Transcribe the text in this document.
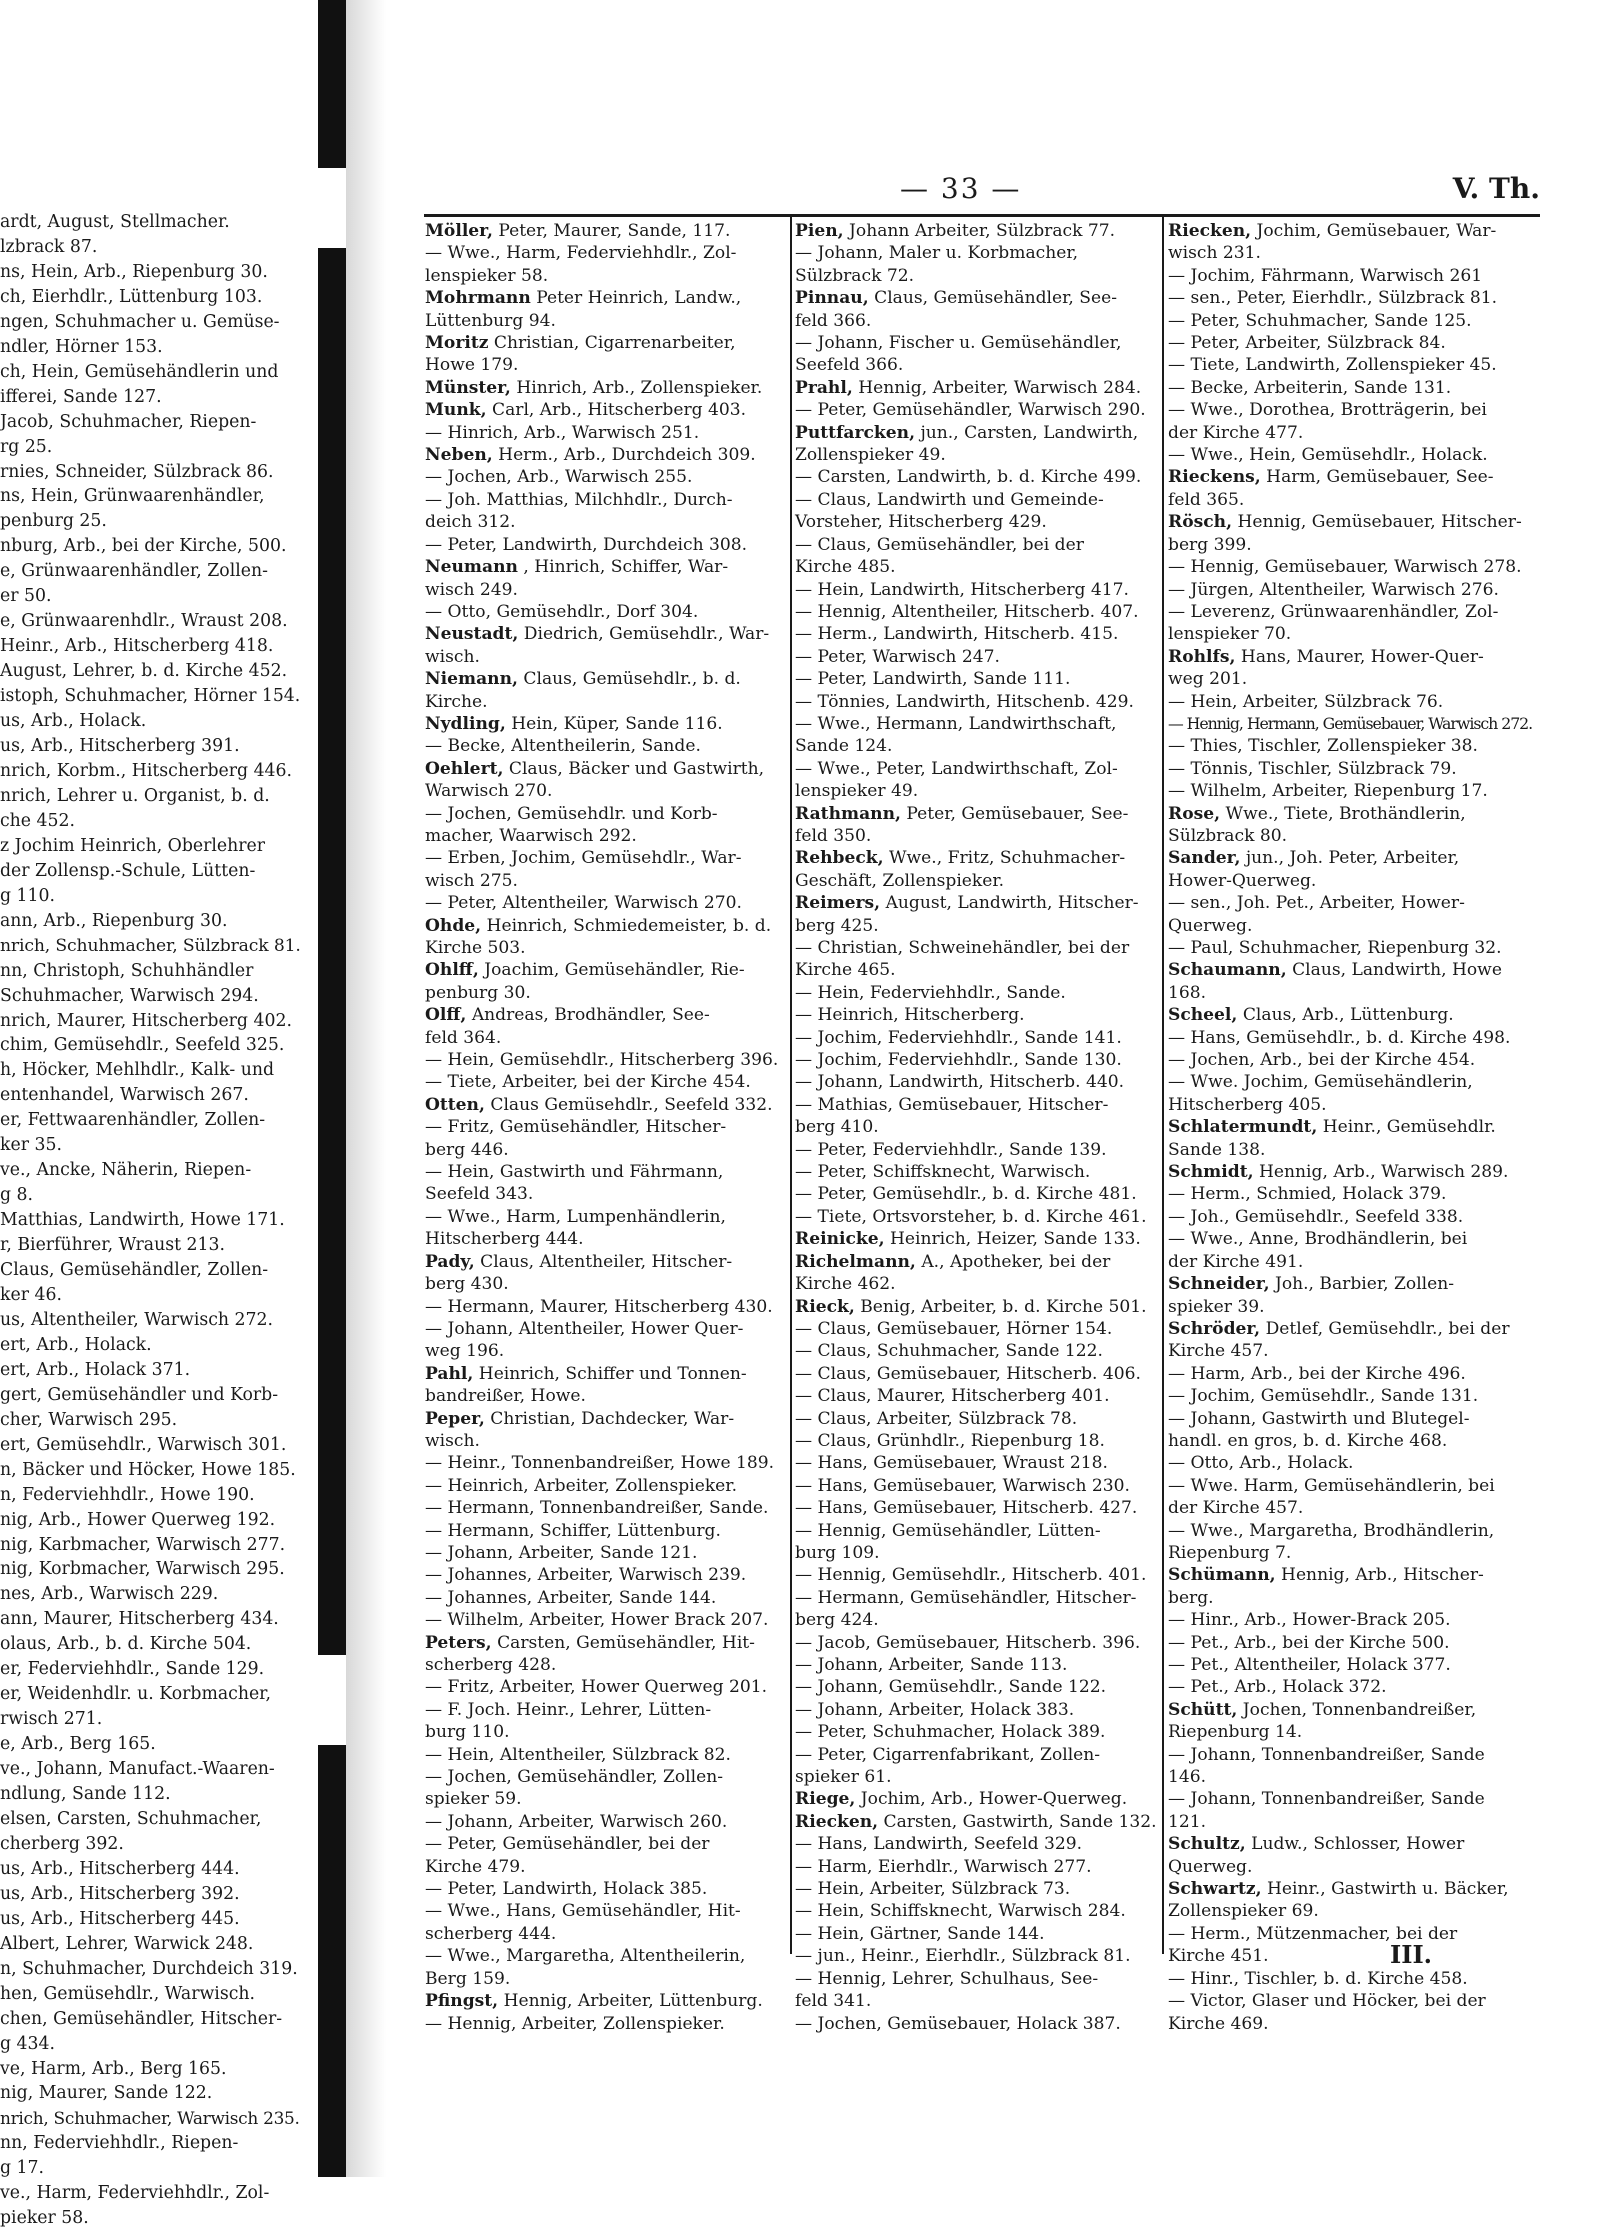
ardt, August, Stellmacher.
lzbrack 87.
ns, Hein, Arb., Riepenburg 30.
ch, Eierhdlr., Lüttenburg 103.
ngen, Schuhmacher u. Gemüse-
ndler, Hörner 153.
ch, Hein, Gemüsehändlerin und
ifferei, Sande 127.
Jacob, Schuhmacher, Riepen-
rg 25.
rnies, Schneider, Sülzbrack 86.
ns, Hein, Grünwaarenhändler,
penburg 25.
nburg, Arb., bei der Kirche, 500.
e, Grünwaarenhändler, Zollen-
er 50.
e, Grünwaarenhdlr., Wraust 208.
Heinr., Arb., Hitscherberg 418.
August, Lehrer, b. d. Kirche 452.
istoph, Schuhmacher, Hörner 154.
us, Arb., Holack.
us, Arb., Hitscherberg 391.
nrich, Korbm., Hitscherberg 446.
nrich, Lehrer u. Organist, b. d.
che 452.
z Jochim Heinrich, Oberlehrer
der Zollensp.-Schule, Lütten-
g 110.
ann, Arb., Riepenburg 30.
nrich, Schuhmacher, Sülzbrack 81.
nn, Christoph, Schuhhändler
Schuhmacher, Warwisch 294.
nrich, Maurer, Hitscherberg 402.
chim, Gemüsehdlr., Seefeld 325.
h, Höcker, Mehlhdlr., Kalk- und
entenhandel, Warwisch 267.
er, Fettwaarenhändler, Zollen-
ker 35.
ve., Ancke, Näherin, Riepen-
g 8.
Matthias, Landwirth, Howe 171.
r, Bierführer, Wraust 213.
Claus, Gemüsehändler, Zollen-
ker 46.
us, Altentheiler, Warwisch 272.
ert, Arb., Holack.
ert, Arb., Holack 371.
gert, Gemüsehändler und Korb-
cher, Warwisch 295.
ert, Gemüsehdlr., Warwisch 301.
n, Bäcker und Höcker, Howe 185.
n, Federviehhdlr., Howe 190.
nig, Arb., Hower Querweg 192.
nig, Karbmacher, Warwisch 277.
nig, Korbmacher, Warwisch 295.
nes, Arb., Warwisch 229.
ann, Maurer, Hitscherberg 434.
olaus, Arb., b. d. Kirche 504.
er, Federviehhdlr., Sande 129.
er, Weidenhdlr. u. Korbmacher,
rwisch 271.
e, Arb., Berg 165.
ve., Johann, Manufact.-Waaren-
ndlung, Sande 112.
elsen, Carsten, Schuhmacher,
cherberg 392.
us, Arb., Hitscherberg 444.
us, Arb., Hitscherberg 392.
us, Arb., Hitscherberg 445.
Albert, Lehrer, Warwick 248.
n, Schuhmacher, Durchdeich 319.
hen, Gemüsehdlr., Warwisch.
chen, Gemüsehändler, Hitscher-
g 434.
ve, Harm, Arb., Berg 165.
nig, Maurer, Sande 122.
nrich, Schuhmacher, Warwisch 235.
nn, Federviehhdlr., Riepen-
g 17.
ve., Harm, Federviehhdlr., Zol-
pieker 58.
— 33 —	V. Th.
Möller, Peter, Maurer, Sande, 117.
— Wwe., Harm, Federviehhdlr., Zol-
lenspieker 58.
Mohrmann Peter Heinrich, Landw.,
Lüttenburg 94.
Moritz Christian, Cigarrenarbeiter,
Howe 179.
Münster, Hinrich, Arb., Zollenspieker.
Munk, Carl, Arb., Hitscherberg 403.
— Hinrich, Arb., Warwisch 251.
Neben, Herm., Arb., Durchdeich 309.
— Jochen, Arb., Warwisch 255.
— Joh. Matthias, Milchhdlr., Durch-
deich 312.
— Peter, Landwirth, Durchdeich 308.
Neumann , Hinrich, Schiffer, War-
wisch 249.
— Otto, Gemüsehdlr., Dorf 304.
Neustadt, Diedrich, Gemüsehdlr., War-
wisch.
Niemann, Claus, Gemüsehdlr., b. d.
Kirche.
Nydling, Hein, Küper, Sande 116.
— Becke, Altentheilerin, Sande.
Oehlert, Claus, Bäcker und Gastwirth,
Warwisch 270.
— Jochen, Gemüsehdlr. und Korb-
macher, Waarwisch 292.
— Erben, Jochim, Gemüsehdlr., War-
wisch 275.
— Peter, Altentheiler, Warwisch 270.
Ohde, Heinrich, Schmiedemeister, b. d.
Kirche 503.
Ohlff, Joachim, Gemüsehändler, Rie-
penburg 30.
Olff, Andreas, Brodhändler, See-
feld 364.
— Hein, Gemüsehdlr., Hitscherberg 396.
— Tiete, Arbeiter, bei der Kirche 454.
Otten, Claus Gemüsehdlr., Seefeld 332.
— Fritz, Gemüsehändler, Hitscher-
berg 446.
— Hein, Gastwirth und Fährmann,
Seefeld 343.
— Wwe., Harm, Lumpenhändlerin,
Hitscherberg 444.
Pady, Claus, Altentheiler, Hitscher-
berg 430.
— Hermann, Maurer, Hitscherberg 430.
— Johann, Altentheiler, Hower Quer-
weg 196.
Pahl, Heinrich, Schiffer und Tonnen-
bandreißer, Howe.
Peper, Christian, Dachdecker, War-
wisch.
— Heinr., Tonnenbandreißer, Howe 189.
— Heinrich, Arbeiter, Zollenspieker.
— Hermann, Tonnenbandreißer, Sande.
— Hermann, Schiffer, Lüttenburg.
— Johann, Arbeiter, Sande 121.
— Johannes, Arbeiter, Warwisch 239.
— Johannes, Arbeiter, Sande 144.
— Wilhelm, Arbeiter, Hower Brack 207.
Peters, Carsten, Gemüsehändler, Hit-
scherberg 428.
— Fritz, Arbeiter, Hower Querweg 201.
— F. Joch. Heinr., Lehrer, Lütten-
burg 110.
— Hein, Altentheiler, Sülzbrack 82.
— Jochen, Gemüsehändler, Zollen-
spieker 59.
— Johann, Arbeiter, Warwisch 260.
— Peter, Gemüsehändler, bei der
Kirche 479.
— Peter, Landwirth, Holack 385.
— Wwe., Hans, Gemüsehändler, Hit-
scherberg 444.
— Wwe., Margaretha, Altentheilerin,
Berg 159.
Pfingst, Hennig, Arbeiter, Lüttenburg.
— Hennig, Arbeiter, Zollenspieker.
Pien, Johann Arbeiter, Sülzbrack 77.
— Johann, Maler u. Korbmacher,
Sülzbrack 72.
Pinnau, Claus, Gemüsehändler, See-
feld 366.
— Johann, Fischer u. Gemüsehändler,
Seefeld 366.
Prahl, Hennig, Arbeiter, Warwisch 284.
— Peter, Gemüsehändler, Warwisch 290.
Puttfarcken, jun., Carsten, Landwirth,
Zollenspieker 49.
— Carsten, Landwirth, b. d. Kirche 499.
— Claus, Landwirth und Gemeinde-
Vorsteher, Hitscherberg 429.
— Claus, Gemüsehändler, bei der
Kirche 485.
— Hein, Landwirth, Hitscherberg 417.
— Hennig, Altentheiler, Hitscherb. 407.
— Herm., Landwirth, Hitscherb. 415.
— Peter, Warwisch 247.
— Peter, Landwirth, Sande 111.
— Tönnies, Landwirth, Hitschenb. 429.
— Wwe., Hermann, Landwirthschaft,
Sande 124.
— Wwe., Peter, Landwirthschaft, Zol-
lenspieker 49.
Rathmann, Peter, Gemüsebauer, See-
feld 350.
Rehbeck, Wwe., Fritz, Schuhmacher-
Geschäft, Zollenspieker.
Reimers, August, Landwirth, Hitscher-
berg 425.
— Christian, Schweinehändler, bei der
Kirche 465.
— Hein, Federviehhdlr., Sande.
— Heinrich, Hitscherberg.
— Jochim, Federviehhdlr., Sande 141.
— Jochim, Federviehhdlr., Sande 130.
— Johann, Landwirth, Hitscherb. 440.
— Mathias, Gemüsebauer, Hitscher-
berg 410.
— Peter, Federviehhdlr., Sande 139.
— Peter, Schiffsknecht, Warwisch.
— Peter, Gemüsehdlr., b. d. Kirche 481.
— Tiete, Ortsvorsteher, b. d. Kirche 461.
Reinicke, Heinrich, Heizer, Sande 133.
Richelmann, A., Apotheker, bei der
Kirche 462.
Rieck, Benig, Arbeiter, b. d. Kirche 501.
— Claus, Gemüsebauer, Hörner 154.
— Claus, Schuhmacher, Sande 122.
— Claus, Gemüsebauer, Hitscherb. 406.
— Claus, Maurer, Hitscherberg 401.
— Claus, Arbeiter, Sülzbrack 78.
— Claus, Grünhdlr., Riepenburg 18.
— Hans, Gemüsebauer, Wraust 218.
— Hans, Gemüsebauer, Warwisch 230.
— Hans, Gemüsebauer, Hitscherb. 427.
— Hennig, Gemüsehändler, Lütten-
burg 109.
— Hennig, Gemüsehdlr., Hitscherb. 401.
— Hermann, Gemüsehändler, Hitscher-
berg 424.
— Jacob, Gemüsebauer, Hitscherb. 396.
— Johann, Arbeiter, Sande 113.
— Johann, Gemüsehdlr., Sande 122.
— Johann, Arbeiter, Holack 383.
— Peter, Schuhmacher, Holack 389.
— Peter, Cigarrenfabrikant, Zollen-
spieker 61.
Riege, Jochim, Arb., Hower-Querweg.
Riecken, Carsten, Gastwirth, Sande 132.
— Hans, Landwirth, Seefeld 329.
— Harm, Eierhdlr., Warwisch 277.
— Hein, Arbeiter, Sülzbrack 73.
— Hein, Schiffsknecht, Warwisch 284.
— Hein, Gärtner, Sande 144.
— jun., Heinr., Eierhdlr., Sülzbrack 81.
— Hennig, Lehrer, Schulhaus, See-
feld 341.
— Jochen, Gemüsebauer, Holack 387.
Riecken, Jochim, Gemüsebauer, War-
wisch 231.
— Jochim, Fährmann, Warwisch 261
— sen., Peter, Eierhdlr., Sülzbrack 81.
— Peter, Schuhmacher, Sande 125.
— Peter, Arbeiter, Sülzbrack 84.
— Tiete, Landwirth, Zollenspieker 45.
— Becke, Arbeiterin, Sande 131.
— Wwe., Dorothea, Brotträgerin, bei
der Kirche 477.
— Wwe., Hein, Gemüsehdlr., Holack.
Rieckens, Harm, Gemüsebauer, See-
feld 365.
Rösch, Hennig, Gemüsebauer, Hitscher-
berg 399.
— Hennig, Gemüsebauer, Warwisch 278.
— Jürgen, Altentheiler, Warwisch 276.
— Leverenz, Grünwaarenhändler, Zol-
lenspieker 70.
Rohlfs, Hans, Maurer, Hower-Quer-
weg 201.
— Hein, Arbeiter, Sülzbrack 76.
— Hennig, Hermann, Gemüsebauer, Warwisch 272.
— Thies, Tischler, Zollenspieker 38.
— Tönnis, Tischler, Sülzbrack 79.
— Wilhelm, Arbeiter, Riepenburg 17.
Rose, Wwe., Tiete, Brothändlerin,
Sülzbrack 80.
Sander, jun., Joh. Peter, Arbeiter,
Hower-Querweg.
— sen., Joh. Pet., Arbeiter, Hower-
Querweg.
— Paul, Schuhmacher, Riepenburg 32.
Schaumann, Claus, Landwirth, Howe
168.
Scheel, Claus, Arb., Lüttenburg.
— Hans, Gemüsehdlr., b. d. Kirche 498.
— Jochen, Arb., bei der Kirche 454.
— Wwe. Jochim, Gemüsehändlerin,
Hitscherberg 405.
Schlatermundt, Heinr., Gemüsehdlr.
Sande 138.
Schmidt, Hennig, Arb., Warwisch 289.
— Herm., Schmied, Holack 379.
— Joh., Gemüsehdlr., Seefeld 338.
— Wwe., Anne, Brodhändlerin, bei
der Kirche 491.
Schneider, Joh., Barbier, Zollen-
spieker 39.
Schröder, Detlef, Gemüsehdlr., bei der
Kirche 457.
— Harm, Arb., bei der Kirche 496.
— Jochim, Gemüsehdlr., Sande 131.
— Johann, Gastwirth und Blutegel-
handl. en gros, b. d. Kirche 468.
— Otto, Arb., Holack.
— Wwe. Harm, Gemüsehändlerin, bei
der Kirche 457.
— Wwe., Margaretha, Brodhändlerin,
Riepenburg 7.
Schümann, Hennig, Arb., Hitscher-
berg.
— Hinr., Arb., Hower-Brack 205.
— Pet., Arb., bei der Kirche 500.
— Pet., Altentheiler, Holack 377.
— Pet., Arb., Holack 372.
Schütt, Jochen, Tonnenbandreißer,
Riepenburg 14.
— Johann, Tonnenbandreißer, Sande
146.
— Johann, Tonnenbandreißer, Sande
121.
Schultz, Ludw., Schlosser, Hower
Querweg.
Schwartz, Heinr., Gastwirth u. Bäcker,
Zollenspieker 69.
— Herm., Mützenmacher, bei der
Kirche 451.
— Hinr., Tischler, b. d. Kirche 458.
— Victor, Glaser und Höcker, bei der
Kirche 469.
III.
